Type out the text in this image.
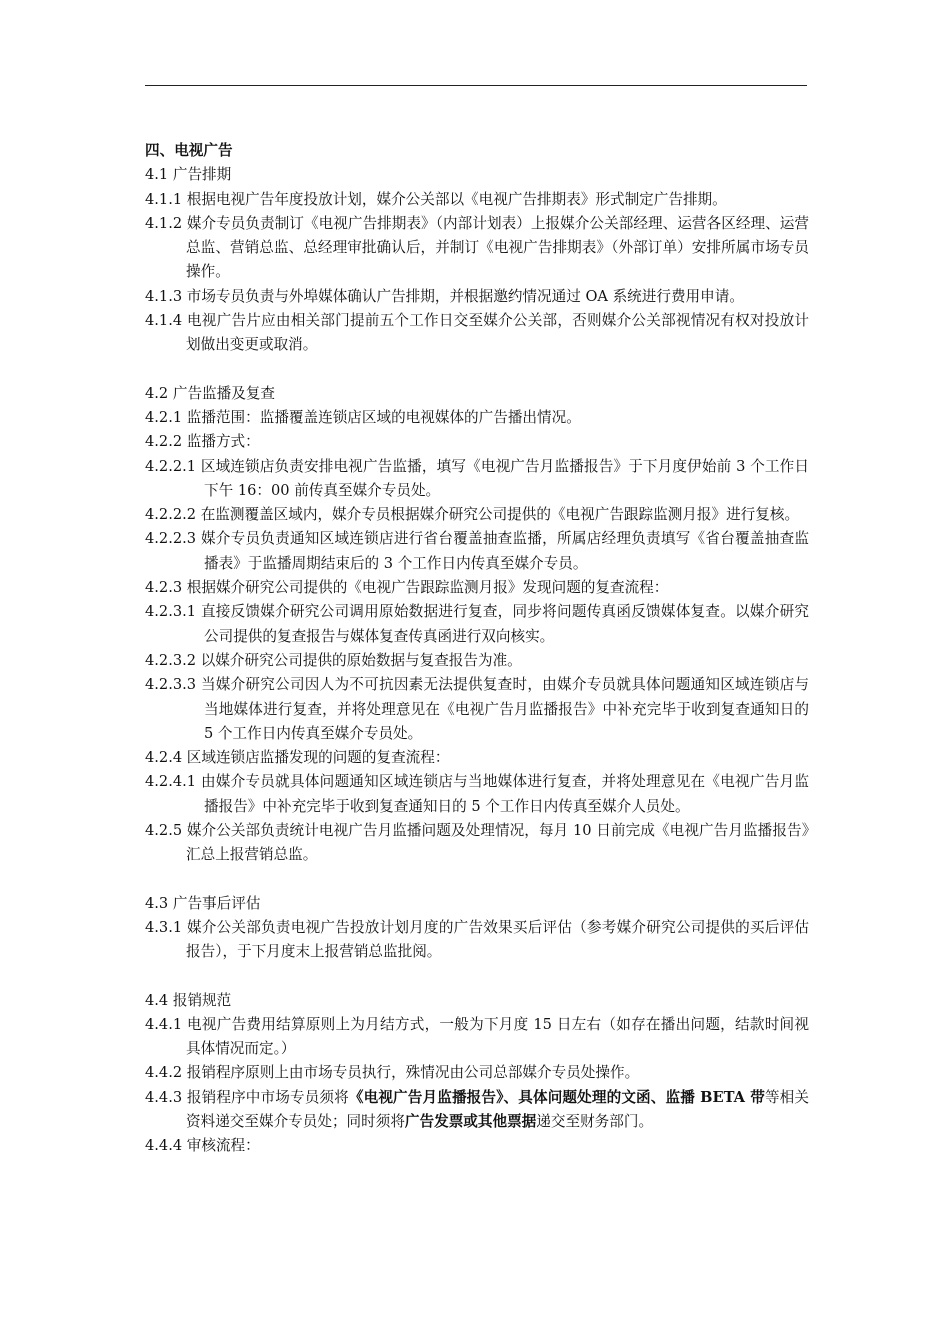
四、电视广告

4.1 广告排期

4.1.1 根据电视广告年度投放计划，媒介公关部以《电视广告排期表》形式制定广告排期。

4.1.2 媒介专员负责制订《电视广告排期表》（内部计划表）上报媒介公关部经理、运营各区经理、运营总监、营销总监、总经理审批确认后，并制订《电视广告排期表》（外部订单）安排所属市场专员操作。

4.1.3 市场专员负责与外埠媒体确认广告排期，并根据邀约情况通过 OA 系统进行费用申请。

4.1.4 电视广告片应由相关部门提前五个工作日交至媒介公关部，否则媒介公关部视情况有权对投放计划做出变更或取消。

4.2 广告监播及复查

4.2.1 监播范围：监播覆盖连锁店区域的电视媒体的广告播出情况。

4.2.2 监播方式：

4.2.2.1 区域连锁店负责安排电视广告监播，填写《电视广告月监播报告》于下月度伊始前 3 个工作日下午 16：00 前传真至媒介专员处。

4.2.2.2 在监测覆盖区域内，媒介专员根据媒介研究公司提供的《电视广告跟踪监测月报》进行复核。

4.2.2.3 媒介专员负责通知区域连锁店进行省台覆盖抽查监播，所属店经理负责填写《省台覆盖抽查监播表》于监播周期结束后的 3 个工作日内传真至媒介专员。

4.2.3 根据媒介研究公司提供的《电视广告跟踪监测月报》发现问题的复查流程：

4.2.3.1 直接反馈媒介研究公司调用原始数据进行复查，同步将问题传真函反馈媒体复查。以媒介研究公司提供的复查报告与媒体复查传真函进行双向核实。

4.2.3.2 以媒介研究公司提供的原始数据与复查报告为准。

4.2.3.3 当媒介研究公司因人为不可抗因素无法提供复查时，由媒介专员就具体问题通知区域连锁店与当地媒体进行复查，并将处理意见在《电视广告月监播报告》中补充完毕于收到复查通知日的 5 个工作日内传真至媒介专员处。

4.2.4 区域连锁店监播发现的问题的复查流程：

4.2.4.1 由媒介专员就具体问题通知区域连锁店与当地媒体进行复查，并将处理意见在《电视广告月监播报告》中补充完毕于收到复查通知日的 5 个工作日内传真至媒介人员处。

4.2.5 媒介公关部负责统计电视广告月监播问题及处理情况，每月 10 日前完成《电视广告月监播报告》汇总上报营销总监。

4.3 广告事后评估

4.3.1 媒介公关部负责电视广告投放计划月度的广告效果买后评估（参考媒介研究公司提供的买后评估报告），于下月度末上报营销总监批阅。

4.4 报销规范

4.4.1 电视广告费用结算原则上为月结方式，一般为下月度 15 日左右（如存在播出问题，结款时间视具体情况而定。）

4.4.2 报销程序原则上由市场专员执行，殊情况由公司总部媒介专员处操作。

4.4.3 报销程序中市场专员须将《电视广告月监播报告》、具体问题处理的文函、监播 BETA 带等相关资料递交至媒介专员处；同时须将广告发票或其他票据递交至财务部门。

4.4.4 审核流程：
